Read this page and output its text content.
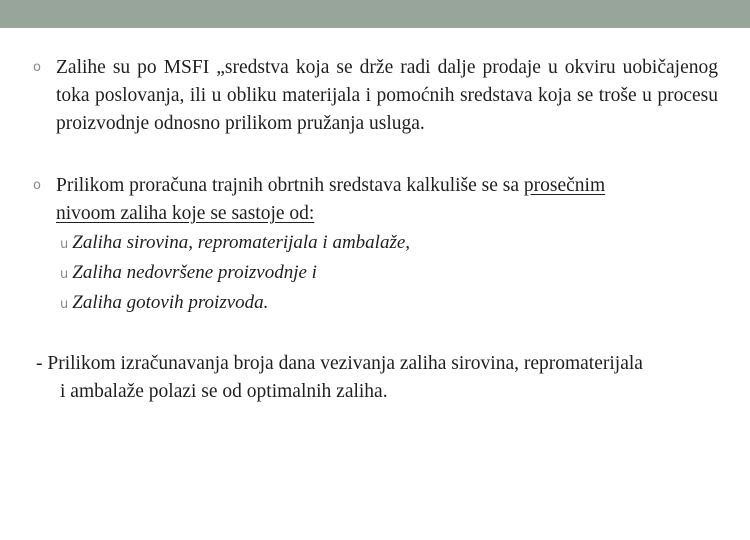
o Zalihe su po MSFI „sredstva koja se drže radi dalje prodaje u okviru uobičajenog toka poslovanja, ili u obliku materijala i pomoćnih sredstava koja se troše u procesu proizvodnje odnosno prilikom pružanja usluga.
o Prilikom proračuna trajnih obrtnih sredstava kalkuliše se sa prosečnim
nivoom zaliha koje se sastoje od:
u Zaliha sirovina, repromaterijala i ambalaže,
u Zaliha nedovršene proizvodnje i
u Zaliha gotovih proizvoda.
- Prilikom izračunavanja broja dana vezivanja zaliha sirovina, repromaterijala
i ambalaže polazi se od optimalnih zaliha.
